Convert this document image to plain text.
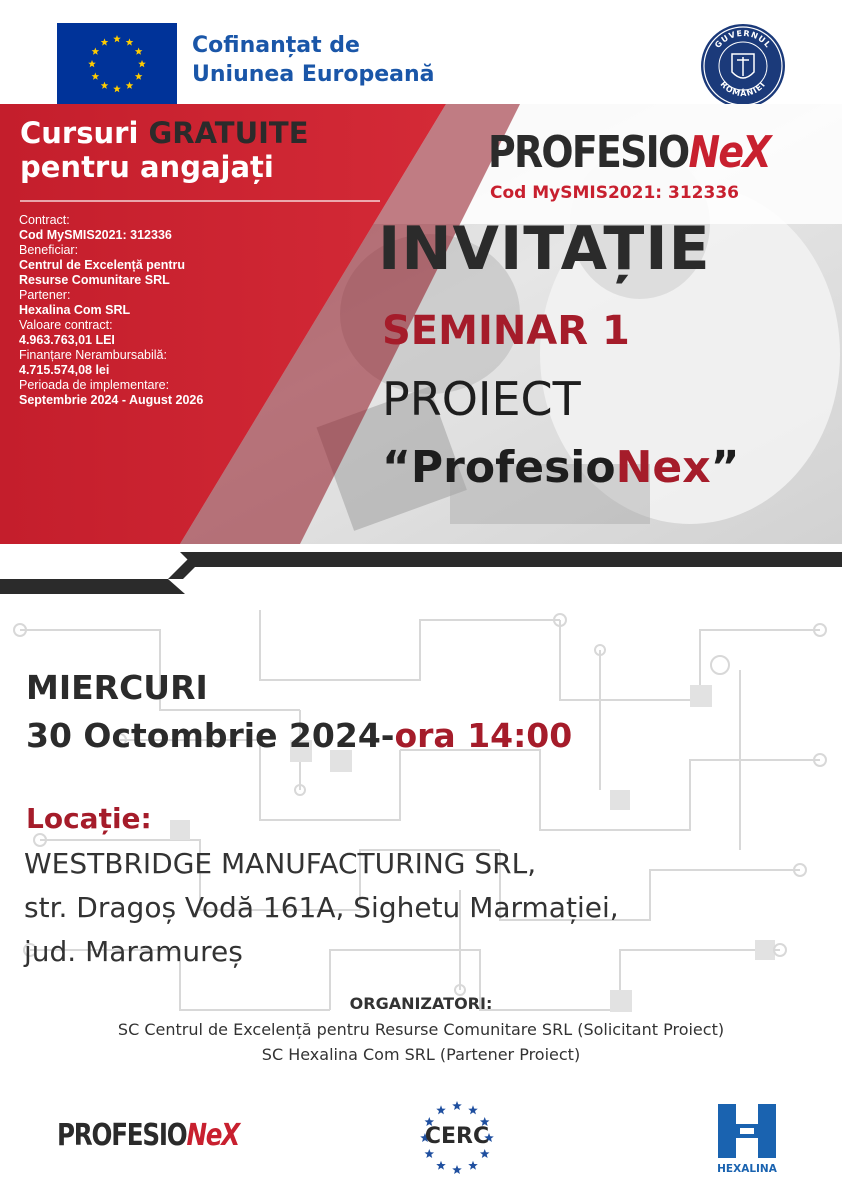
Cofinanțat de
Uniunea Europeană
GUVERNUL
ROMÂNIEI
Cursuri GRATUITE
pentru angajați
Contract:
Cod MySMIS2021: 312336
Beneficiar:
Centrul de Excelență pentru
Resurse Comunitare SRL
Partener:
Hexalina Com SRL
Valoare contract:
4.963.763,01 LEI
Finanțare Nerambursabilă:
4.715.574,08 lei
Perioada de implementare:
Septembrie 2024 - August 2026
PROFESIONeX
Cod MySMIS2021: 312336
INVITAȚIE
SEMINAR 1
PROIECT
“ProfesioNex”
MIERCURI
30 Octombrie 2024-ora 14:00
Locație:
WESTBRIDGE MANUFACTURING SRL,
str. Dragoș Vodă 161A, Sighetu Marmației,
jud. Maramureș
ORGANIZATORI:
SC Centrul de Excelență pentru Resurse Comunitare SRL (Solicitant Proiect)
SC Hexalina Com SRL (Partener Proiect)
PROFESIONeX	CERC
HEXALINA
